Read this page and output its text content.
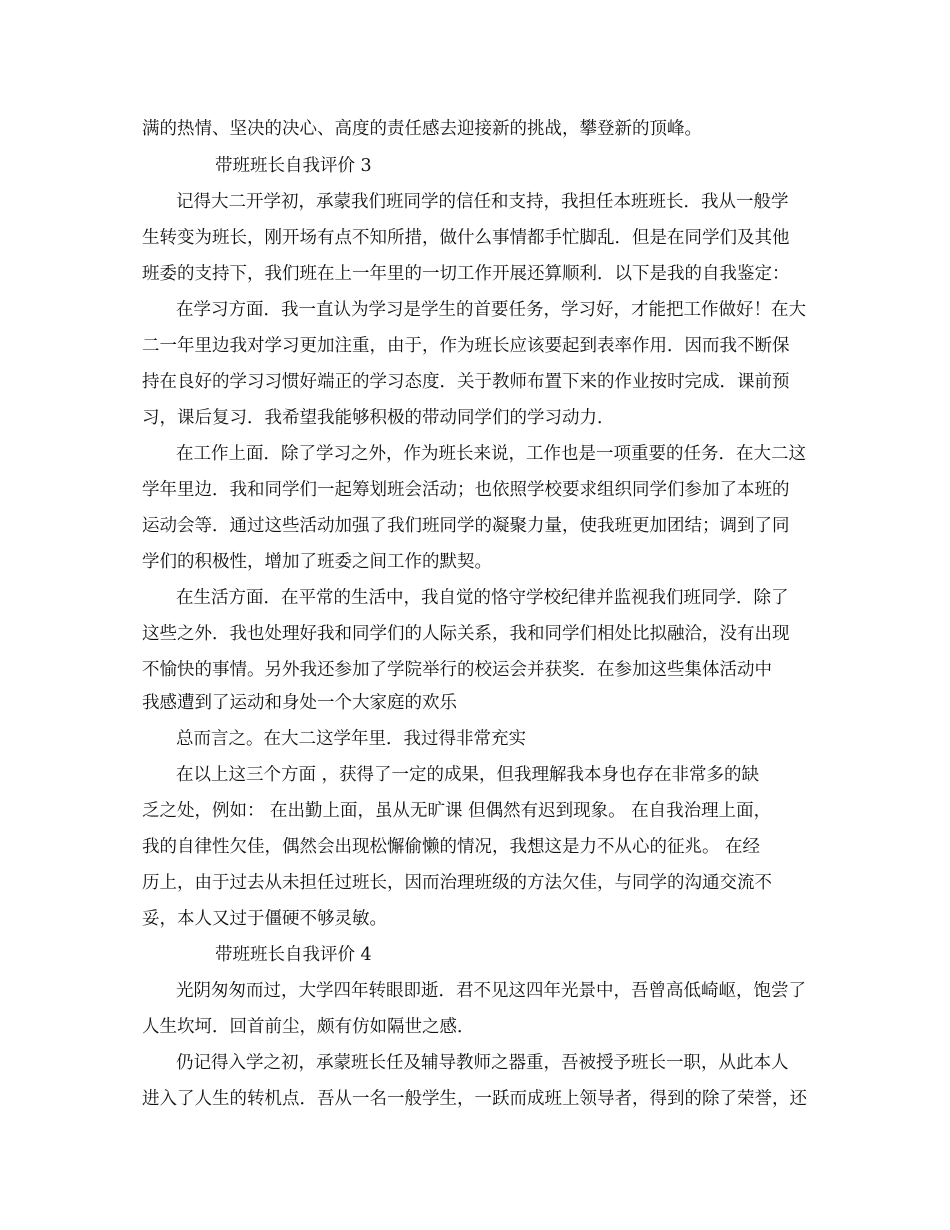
满的热情、坚决的决心、高度的责任感去迎接新的挑战，攀登新的顶峰。
带班班长自我评价 3
记得大二开学初，承蒙我们班同学的信任和支持，我担任本班班长．我从一般学
生转变为班长，刚开场有点不知所措，做什么事情都手忙脚乱．但是在同学们及其他
班委的支持下，我们班在上一年里的一切工作开展还算顺利．以下是我的自我鉴定：
在学习方面．我一直认为学习是学生的首要任务，学习好，才能把工作做好！在大
二一年里边我对学习更加注重，由于，作为班长应该要起到表率作用．因而我不断保
持在良好的学习习惯好端正的学习态度．关于教师布置下来的作业按时完成．课前预
习，课后复习．我希望我能够积极的带动同学们的学习动力．
在工作上面．除了学习之外，作为班长来说，工作也是一项重要的任务．在大二这
学年里边．我和同学们一起筹划班会活动；也依照学校要求组织同学们参加了本班的
运动会等．通过这些活动加强了我们班同学的凝聚力量，使我班更加团结；调到了同
学们的积极性，增加了班委之间工作的默契。
在生活方面．在平常的生活中，我自觉的恪守学校纪律并监视我们班同学．除了
这些之外．我也处理好我和同学们的人际关系，我和同学们相处比拟融洽，没有出现
不愉快的事情。另外我还参加了学院举行的校运会并获奖．在参加这些集体活动中
我感遭到了运动和身处一个大家庭的欢乐
总而言之。在大二这学年里．我过得非常充实
在以上这三个方面 ，获得了一定的成果，但我理解我本身也存在非常多的缺
乏之处，例如： 在出勤上面，虽从无旷课 但偶然有迟到现象。 在自我治理上面，
我的自律性欠佳，偶然会出现松懈偷懒的情况，我想这是力不从心的征兆。 在经
历上，由于过去从未担任过班长，因而治理班级的方法欠佳，与同学的沟通交流不
妥，本人又过于僵硬不够灵敏。
带班班长自我评价 4
光阴匆匆而过，大学四年转眼即逝．君不见这四年光景中，吾曾高低崎岖，饱尝了
人生坎坷．回首前尘，颇有仿如隔世之感．
仍记得入学之初，承蒙班长任及辅导教师之器重，吾被授予班长一职，从此本人
进入了人生的转机点．吾从一名一般学生，一跃而成班上领导者，得到的除了荣誉，还
